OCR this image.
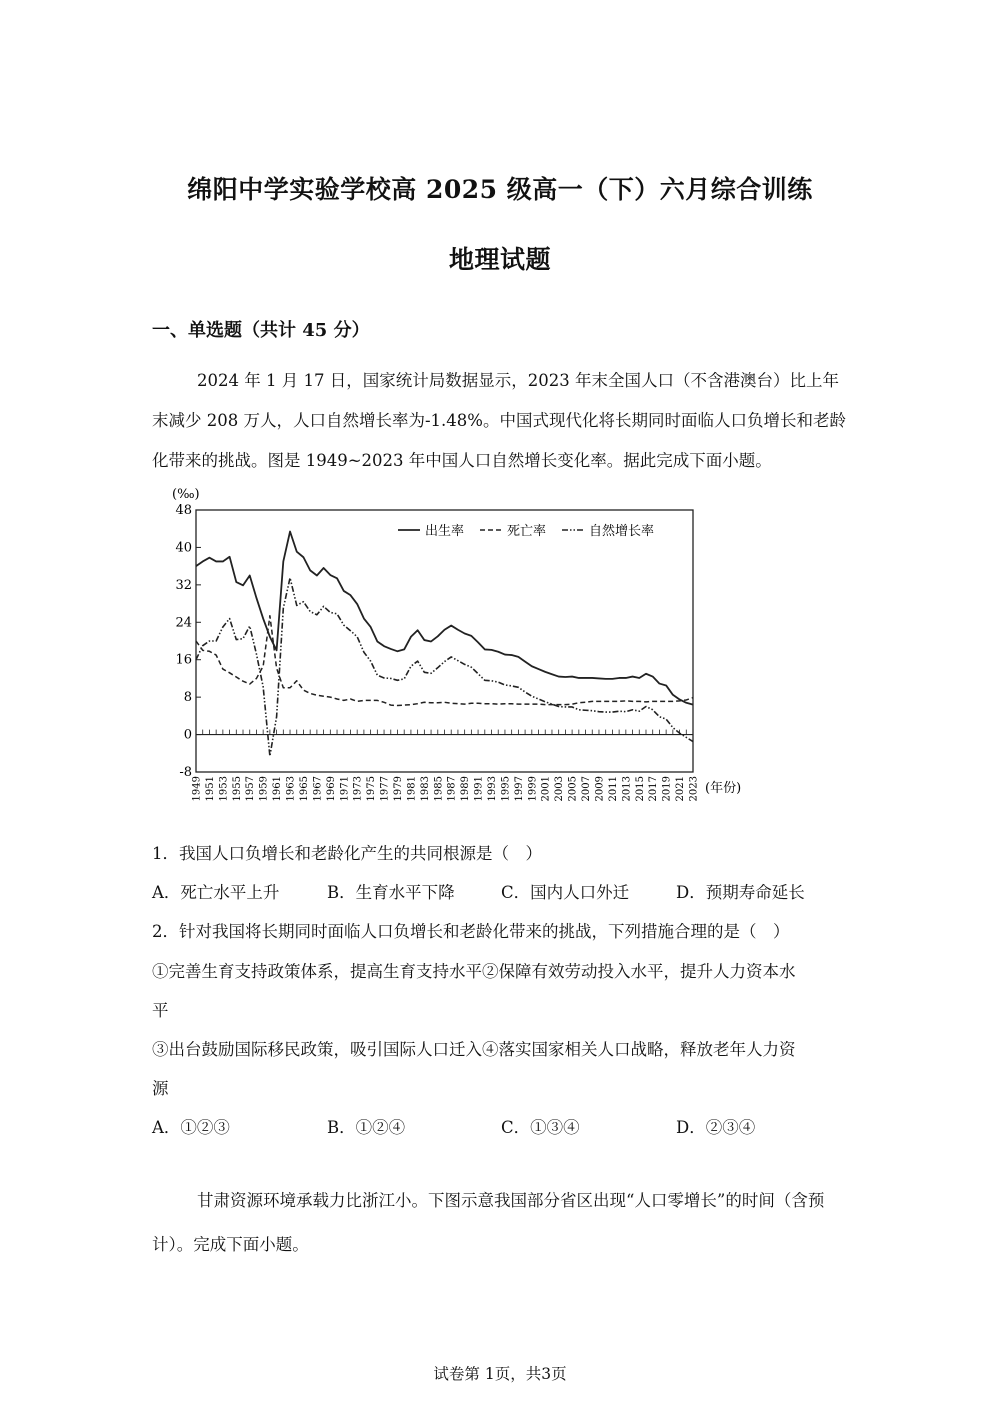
绵阳中学实验学校高 2025 级高一（下）六月综合训练
地理试题
一、单选题（共计 45 分）
2024 年 1 月 17 日，国家统计局数据显示，2023 年末全国人口（不含港澳台）比上年末减少 208 万人，人口自然增长率为-1.48%。中国式现代化将长期同时面临人口负增长和老龄化带来的挑战。图是 1949~2023 年中国人口自然增长变化率。据此完成下面小题。
(‰)
48
40
32
24
16
8
0
-8
1949 1951 1953 1955 1957 1959 1961 1963 1965 1967 1969 1971 1973 1975 1977 1979 1981 1983 1985 1987 1989 1991 1993 1995 1997 1999 2001 2003 2005 2007 2009 2011 2013 2015 2017 2019 2021 2023
出生率	死亡率	自然增长率
(年份)
1．我国人口负增长和老龄化产生的共同根源是（　）
A．死亡水平上升	B．生育水平下降	C．国内人口外迁	D．预期寿命延长
2．针对我国将长期同时面临人口负增长和老龄化带来的挑战，下列措施合理的是（　）
①完善生育支持政策体系，提高生育支持水平②保障有效劳动投入水平，提升人力资本水
平
③出台鼓励国际移民政策，吸引国际人口迁入④落实国家相关人口战略，释放老年人力资
源
A．①②③	B．①②④	C．①③④	D．②③④
甘肃资源环境承载力比浙江小。下图示意我国部分省区出现“人口零增长”的时间（含预计）。完成下面小题。
试卷第 1页，共3页
